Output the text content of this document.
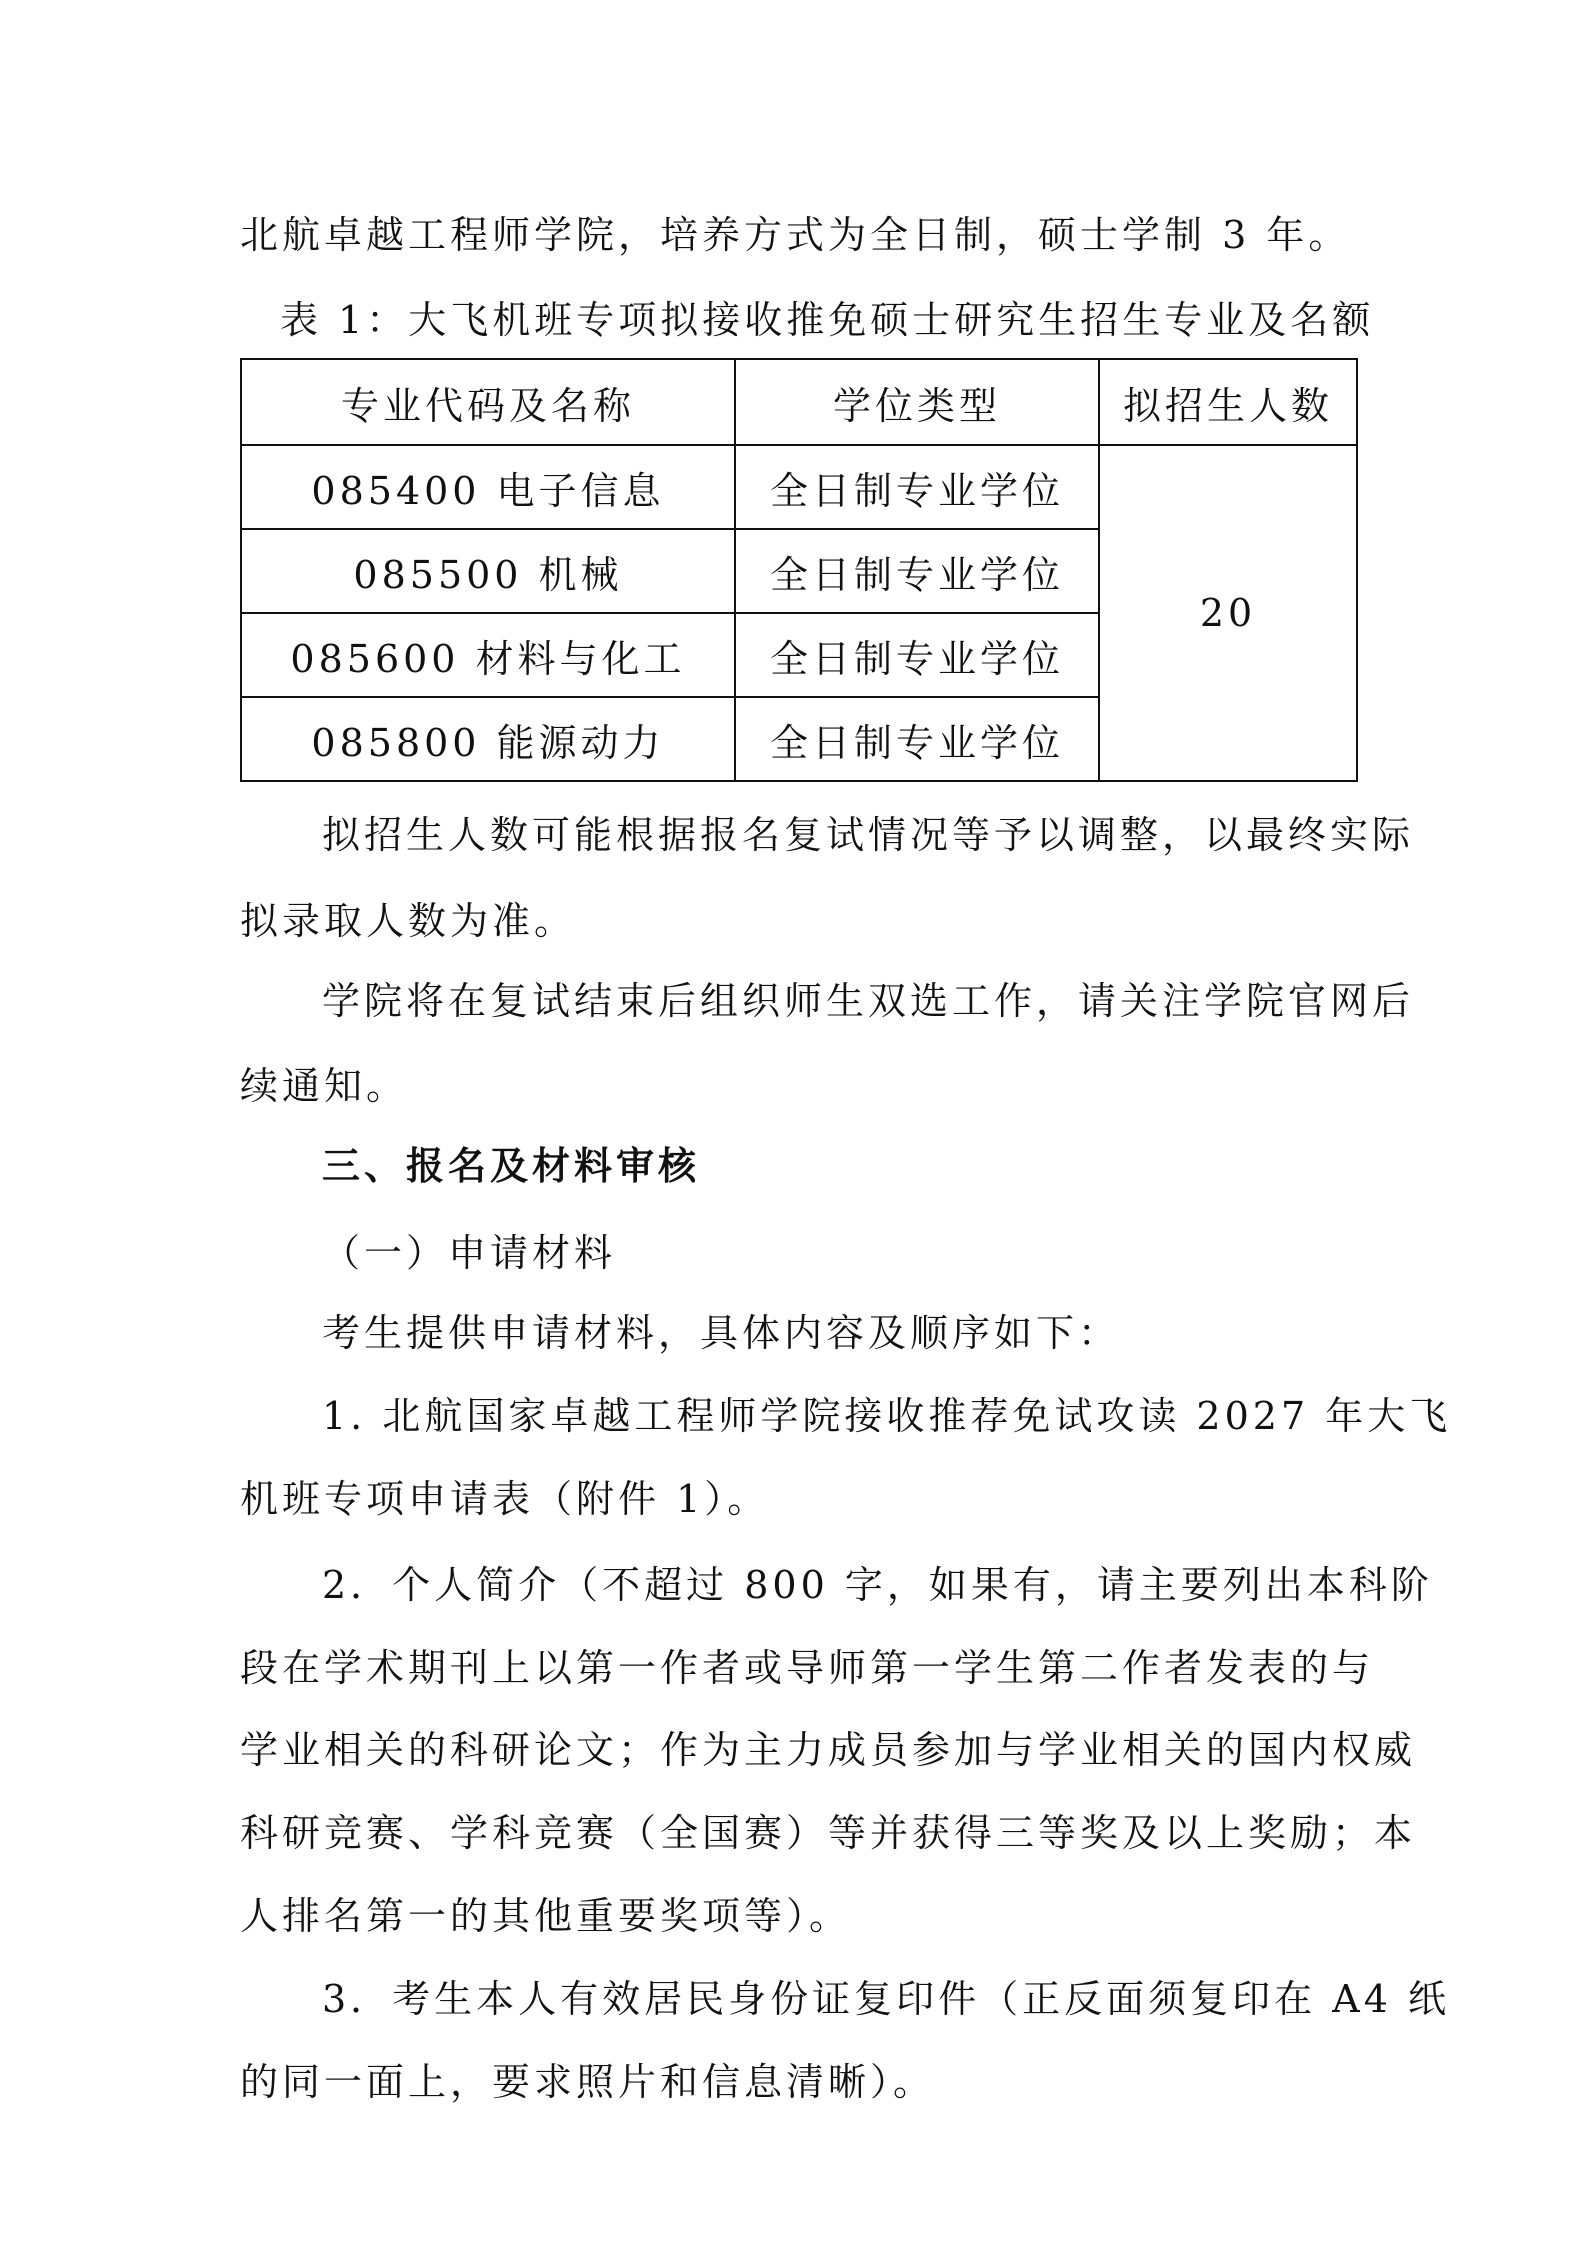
北航卓越工程师学院，培养方式为全日制，硕士学制 3 年。
表 1：大飞机班专项拟接收推免硕士研究生招生专业及名额
专业代码及名称	学位类型	拟招生人数
085400 电子信息	全日制专业学位	20
085500 机械	全日制专业学位	
085600 材料与化工	全日制专业学位	
085800 能源动力	全日制专业学位	
拟招生人数可能根据报名复试情况等予以调整，以最终实际
拟录取人数为准。
学院将在复试结束后组织师生双选工作，请关注学院官网后
续通知。
三、报名及材料审核
（一）申请材料
考生提供申请材料，具体内容及顺序如下：
1. 北航国家卓越工程师学院接收推荐免试攻读 2027 年大飞
机班专项申请表（附件 1）。
2．个人简介（不超过 800 字，如果有，请主要列出本科阶
段在学术期刊上以第一作者或导师第一学生第二作者发表的与
学业相关的科研论文；作为主力成员参加与学业相关的国内权威
科研竞赛、学科竞赛（全国赛）等并获得三等奖及以上奖励；本
人排名第一的其他重要奖项等）。
3．考生本人有效居民身份证复印件（正反面须复印在 A4 纸
的同一面上，要求照片和信息清晰）。
